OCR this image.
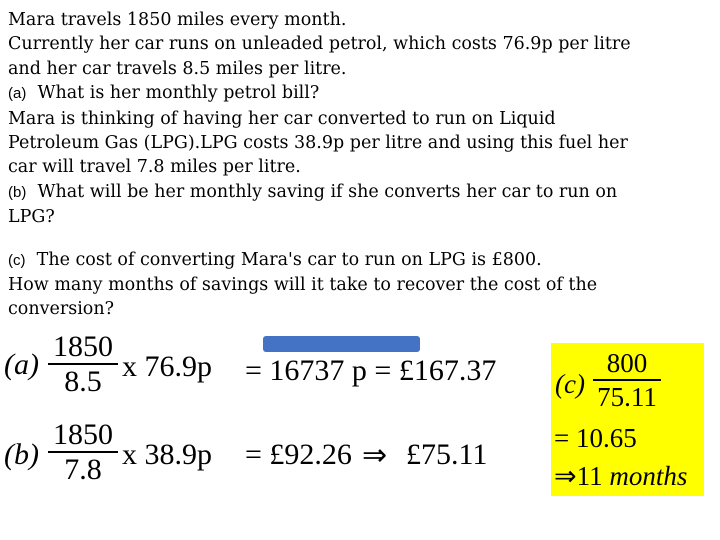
Mara travels 1850 miles every month.

Currently her car runs on unleaded petrol, which costs 76.9p per litre

and her car travels 8.5 miles per litre.

(a) What is her monthly petrol bill?

Mara is thinking of having her car converted to run on Liquid

Petroleum Gas (LPG).LPG costs 38.9p per litre and using this fuel her

car will travel 7.8 miles per litre.

(b) What will be her monthly saving if she converts her car to run on

LPG?

(c) The cost of converting Mara's car to run on LPG is £800.

How many months of savings will it take to recover the cost of the

conversion?

(a)
1850
8.5 x 76.9p = 16737 p = £167.37
(b)
1850
7.8 x 38.9p = £92.26 ⇒ £75.11
(c)
800
75.11
= 10.65
⇒11 months
